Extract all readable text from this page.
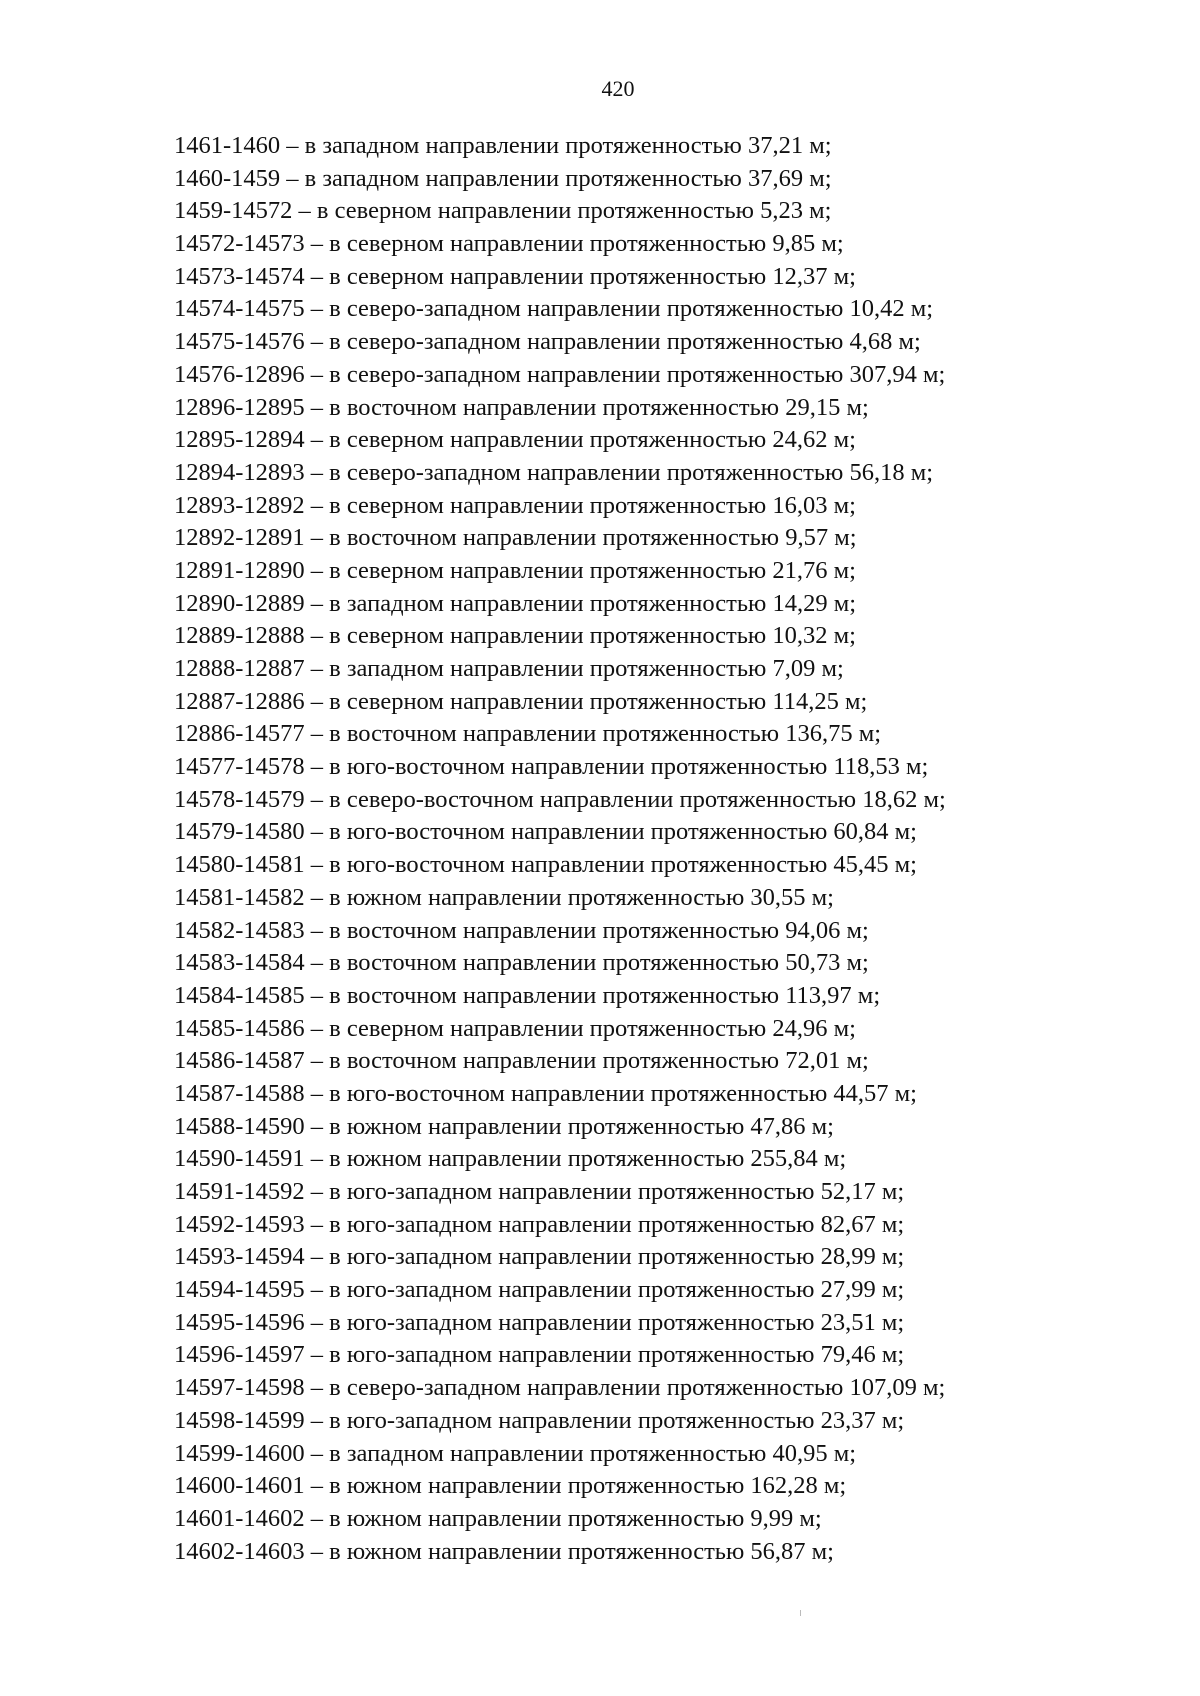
420
1461-1460 – в западном направлении протяженностью 37,21 м;
1460-1459 – в западном направлении протяженностью 37,69 м;
1459-14572 – в северном направлении протяженностью 5,23 м;
14572-14573 – в северном направлении протяженностью 9,85 м;
14573-14574 – в северном направлении протяженностью 12,37 м;
14574-14575 – в северо-западном направлении протяженностью 10,42 м;
14575-14576 – в северо-западном направлении протяженностью 4,68 м;
14576-12896 – в северо-западном направлении протяженностью 307,94 м;
12896-12895 – в восточном направлении протяженностью 29,15 м;
12895-12894 – в северном направлении протяженностью 24,62 м;
12894-12893 – в северо-западном направлении протяженностью 56,18 м;
12893-12892 – в северном направлении протяженностью 16,03 м;
12892-12891 – в восточном направлении протяженностью 9,57 м;
12891-12890 – в северном направлении протяженностью 21,76 м;
12890-12889 – в западном направлении протяженностью 14,29 м;
12889-12888 – в северном направлении протяженностью 10,32 м;
12888-12887 – в западном направлении протяженностью 7,09 м;
12887-12886 – в северном направлении протяженностью 114,25 м;
12886-14577 – в восточном направлении протяженностью 136,75 м;
14577-14578 – в юго-восточном направлении протяженностью 118,53 м;
14578-14579 – в северо-восточном направлении протяженностью 18,62 м;
14579-14580 – в юго-восточном направлении протяженностью 60,84 м;
14580-14581 – в юго-восточном направлении протяженностью 45,45 м;
14581-14582 – в южном направлении протяженностью 30,55 м;
14582-14583 – в восточном направлении протяженностью 94,06 м;
14583-14584 – в восточном направлении протяженностью 50,73 м;
14584-14585 – в восточном направлении протяженностью 113,97 м;
14585-14586 – в северном направлении протяженностью 24,96 м;
14586-14587 – в восточном направлении протяженностью 72,01 м;
14587-14588 – в юго-восточном направлении протяженностью 44,57 м;
14588-14590 – в южном направлении протяженностью 47,86 м;
14590-14591 – в южном направлении протяженностью 255,84 м;
14591-14592 – в юго-западном направлении протяженностью 52,17 м;
14592-14593 – в юго-западном направлении протяженностью 82,67 м;
14593-14594 – в юго-западном направлении протяженностью 28,99 м;
14594-14595 – в юго-западном направлении протяженностью 27,99 м;
14595-14596 – в юго-западном направлении протяженностью 23,51 м;
14596-14597 – в юго-западном направлении протяженностью 79,46 м;
14597-14598 – в северо-западном направлении протяженностью 107,09 м;
14598-14599 – в юго-западном направлении протяженностью 23,37 м;
14599-14600 – в западном направлении протяженностью 40,95 м;
14600-14601 – в южном направлении протяженностью 162,28 м;
14601-14602 – в южном направлении протяженностью 9,99 м;
14602-14603 – в южном направлении протяженностью 56,87 м;
